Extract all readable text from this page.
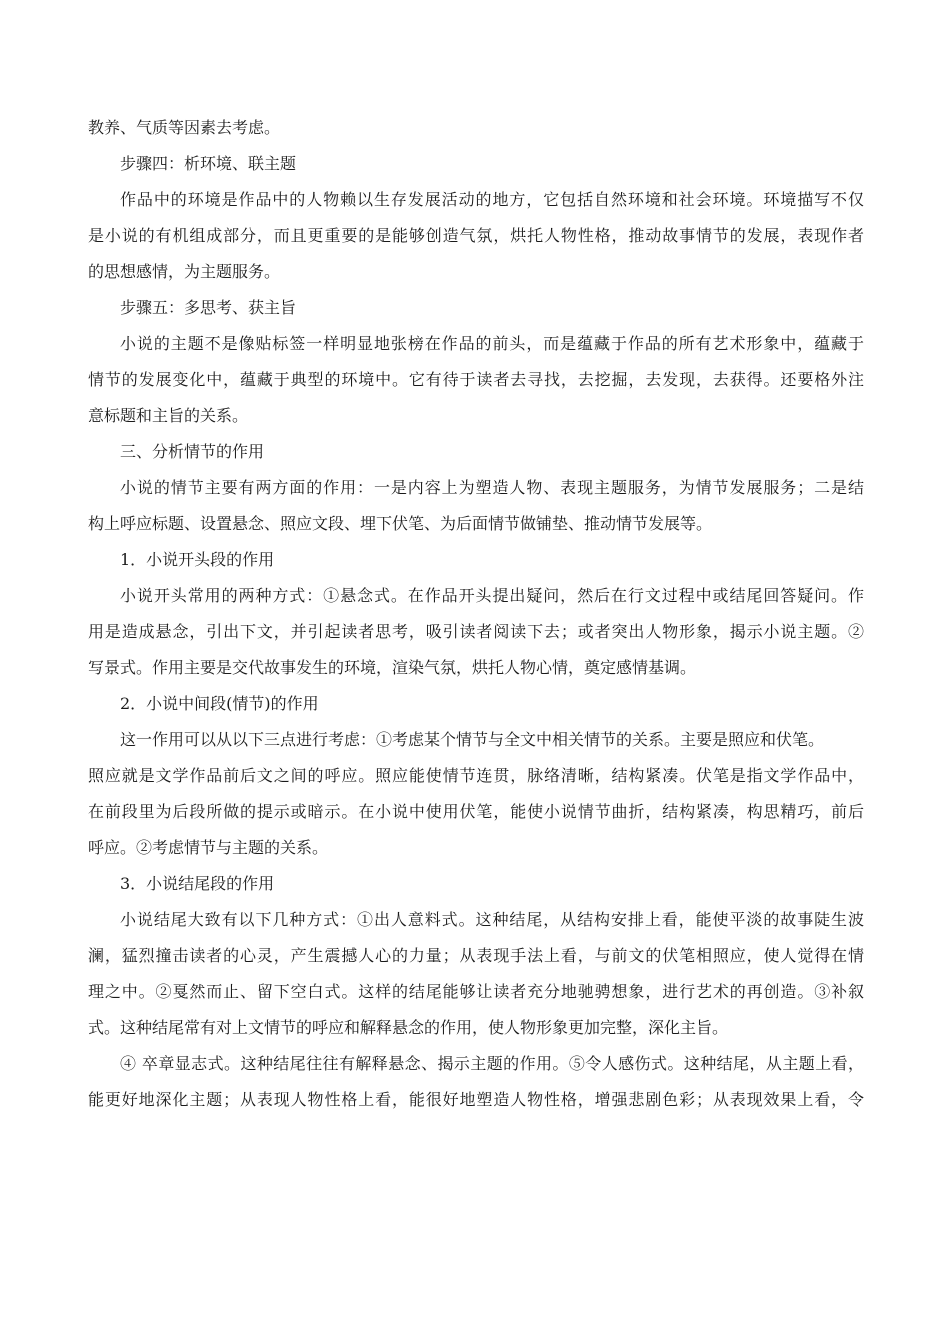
教养、气质等因素去考虑。
步骤四：析环境、联主题
作品中的环境是作品中的人物赖以生存发展活动的地方，它包括自然环境和社会环境。环境描写不仅
是小说的有机组成部分，而且更重要的是能够创造气氛，烘托人物性格，推动故事情节的发展，表现作者
的思想感情，为主题服务。
步骤五：多思考、获主旨
小说的主题不是像贴标签一样明显地张榜在作品的前头，而是蕴藏于作品的所有艺术形象中，蕴藏于
情节的发展变化中，蕴藏于典型的环境中。它有待于读者去寻找，去挖掘，去发现，去获得。还要格外注
意标题和主旨的关系。
三、分析情节的作用
小说的情节主要有两方面的作用：一是内容上为塑造人物、表现主题服务，为情节发展服务；二是结
构上呼应标题、设置悬念、照应文段、埋下伏笔、为后面情节做铺垫、推动情节发展等。
1．小说开头段的作用
小说开头常用的两种方式：①悬念式。在作品开头提出疑问，然后在行文过程中或结尾回答疑问。作
用是造成悬念，引出下文，并引起读者思考，吸引读者阅读下去；或者突出人物形象，揭示小说主题。②
写景式。作用主要是交代故事发生的环境，渲染气氛，烘托人物心情，奠定感情基调。
2．小说中间段(情节)的作用
这一作用可以从以下三点进行考虑：①考虑某个情节与全文中相关情节的关系。主要是照应和伏笔。
照应就是文学作品前后文之间的呼应。照应能使情节连贯，脉络清晰，结构紧凑。伏笔是指文学作品中，
在前段里为后段所做的提示或暗示。在小说中使用伏笔，能使小说情节曲折，结构紧凑，构思精巧，前后
呼应。②考虑情节与主题的关系。
3．小说结尾段的作用
小说结尾大致有以下几种方式：①出人意料式。这种结尾，从结构安排上看，能使平淡的故事陡生波
澜，猛烈撞击读者的心灵，产生震撼人心的力量；从表现手法上看，与前文的伏笔相照应，使人觉得在情
理之中。②戛然而止、留下空白式。这样的结尾能够让读者充分地驰骋想象，进行艺术的再创造。③补叙
式。这种结尾常有对上文情节的呼应和解释悬念的作用，使人物形象更加完整，深化主旨。
④ 卒章显志式。这种结尾往往有解释悬念、揭示主题的作用。⑤令人感伤式。这种结尾，从主题上看，
能更好地深化主题；从表现人物性格上看，能很好地塑造人物性格，增强悲剧色彩；从表现效果上看，令
